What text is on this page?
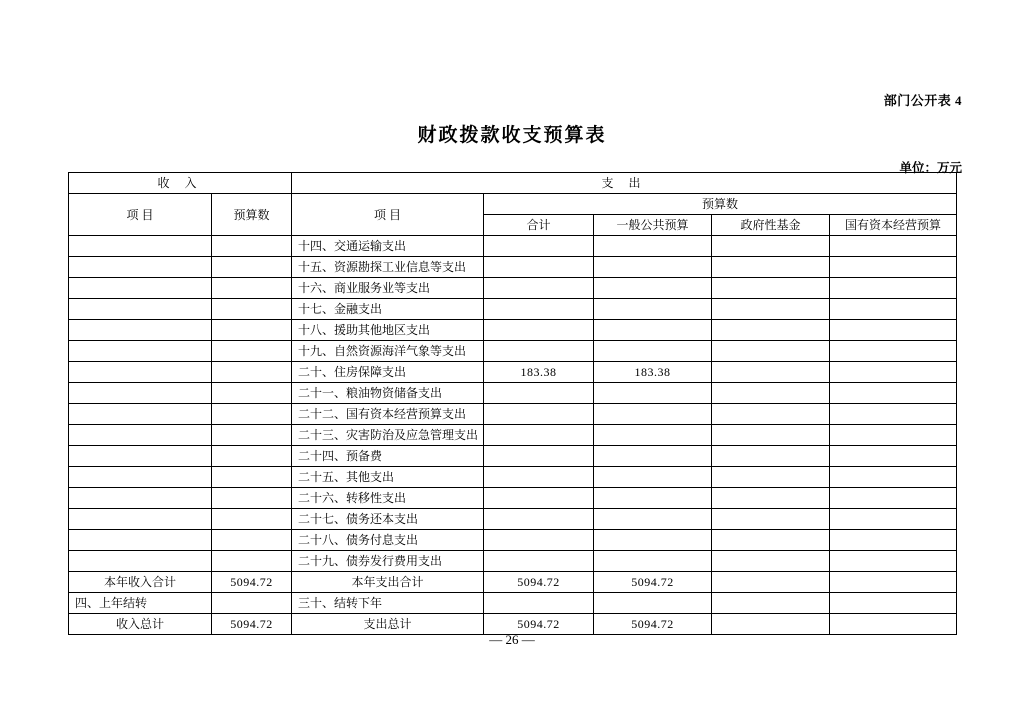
部门公开表 4
财政拨款收支预算表
单位：万元
收 入		支 出				
项 目	预算数	项 目	预算数			
			合计	一般公共预算	政府性基金	国有资本经营预算
		十四、交通运输支出				
		十五、资源勘探工业信息等支出				
		十六、商业服务业等支出				
		十七、金融支出				
		十八、援助其他地区支出				
		十九、自然资源海洋气象等支出				
		二十、住房保障支出	183.38	183.38		
		二十一、粮油物资储备支出				
		二十二、国有资本经营预算支出				
		二十三、灾害防治及应急管理支出				
		二十四、预备费				
		二十五、其他支出				
		二十六、转移性支出				
		二十七、债务还本支出				
		二十八、债务付息支出				
		二十九、债券发行费用支出				
本年收入合计	5094.72	本年支出合计	5094.72	5094.72		
四、上年结转		三十、结转下年				
收入总计	5094.72	支出总计	5094.72	5094.72		
— 26 —
